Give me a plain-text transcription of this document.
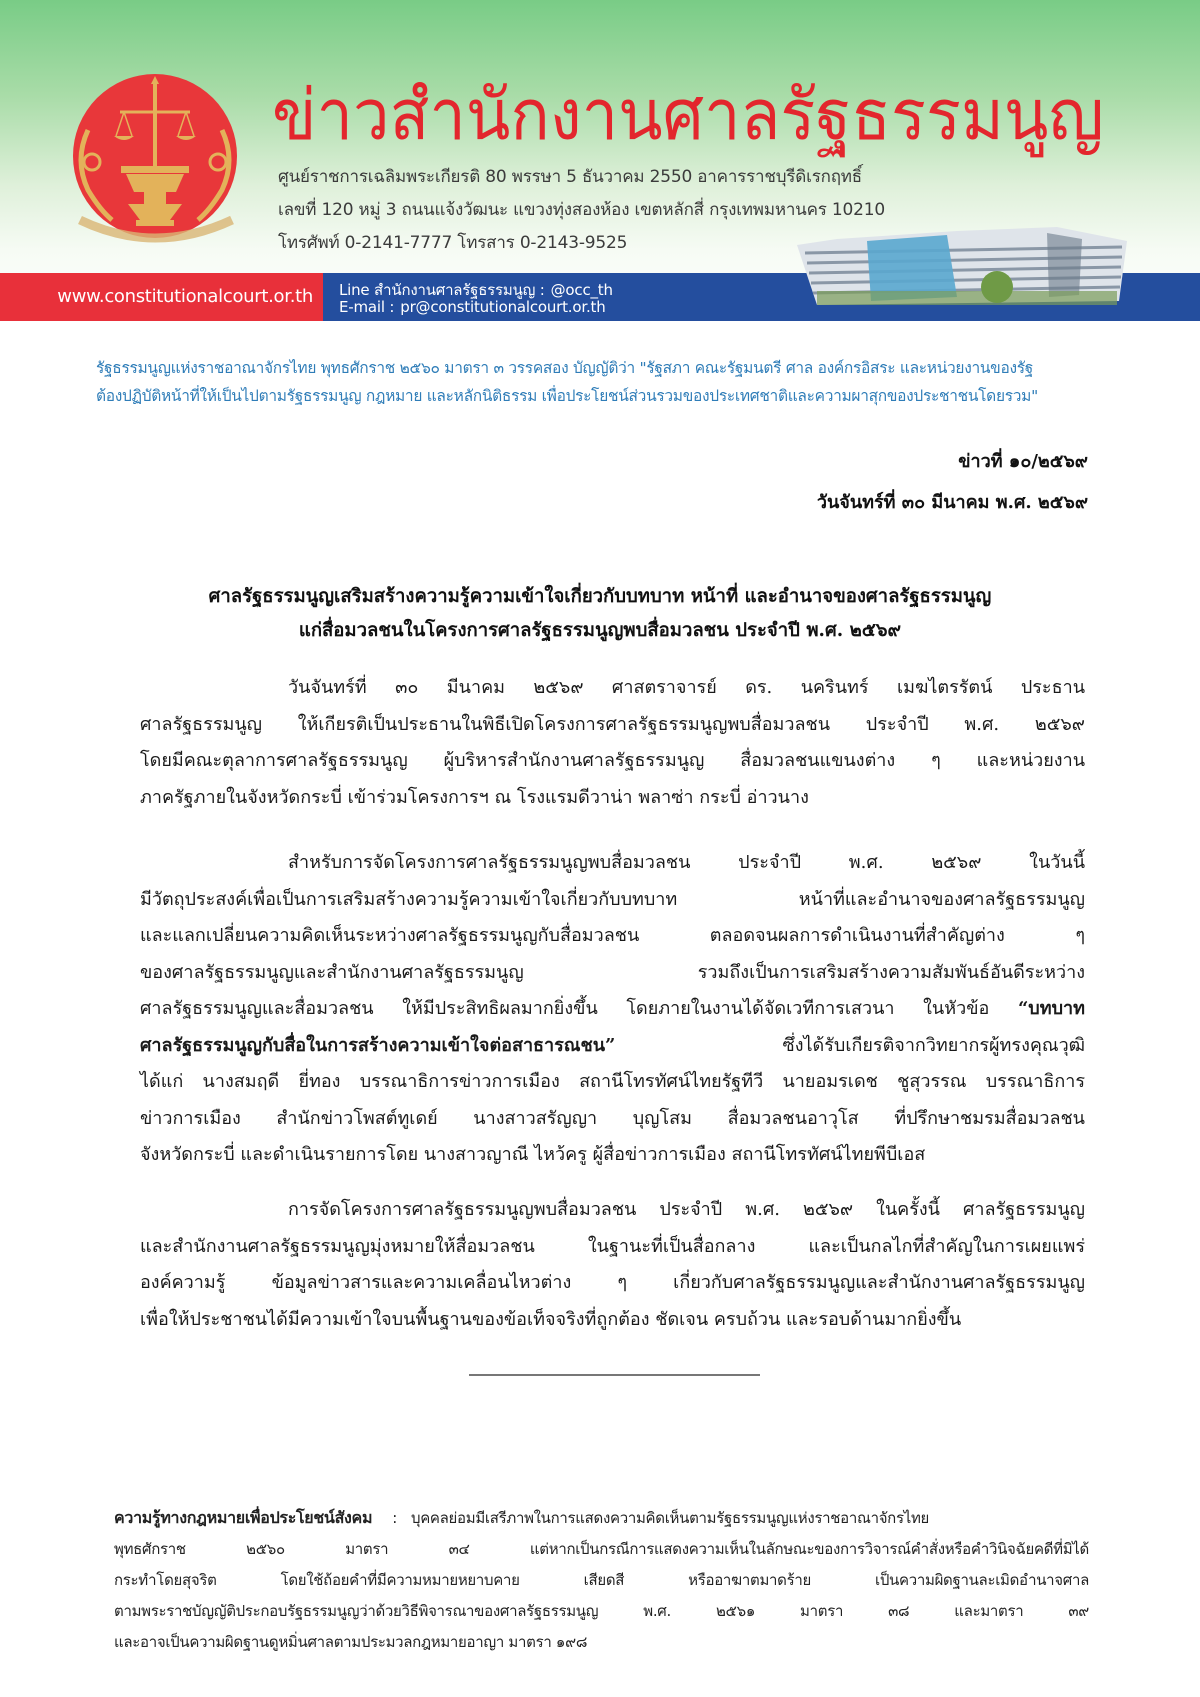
ข่าวสำนักงานศาลรัฐธรรมนูญ
ศูนย์ราชการเฉลิมพระเกียรติ 80 พรรษา 5 ธันวาคม 2550 อาคารราชบุรีดิเรกฤทธิ์
เลขที่ 120 หมู่ 3 ถนนแจ้งวัฒนะ แขวงทุ่งสองห้อง เขตหลักสี่ กรุงเทพมหานคร 10210
โทรศัพท์ 0-2141-7777 โทรสาร 0-2143-9525
www.constitutionalcourt.or.th	Line สำนักงานศาลรัฐธรรมนูญ : @occ_th
E-mail : pr@constitutionalcourt.or.th
รัฐธรรมนูญแห่งราชอาณาจักรไทย พุทธศักราช ๒๕๖๐ มาตรา ๓ วรรคสอง บัญญัติว่า "รัฐสภา คณะรัฐมนตรี ศาล องค์กรอิสระ และหน่วยงานของรัฐ
ต้องปฏิบัติหน้าที่ให้เป็นไปตามรัฐธรรมนูญ กฎหมาย และหลักนิติธรรม เพื่อประโยชน์ส่วนรวมของประเทศชาติและความผาสุกของประชาชนโดยรวม"
ข่าวที่ ๑๐/๒๕๖๙
วันจันทร์ที่ ๓๐ มีนาคม พ.ศ. ๒๕๖๙
ศาลรัฐธรรมนูญเสริมสร้างความรู้ความเข้าใจเกี่ยวกับบทบาท หน้าที่ และอำนาจของศาลรัฐธรรมนูญ
แก่สื่อมวลชนในโครงการศาลรัฐธรรมนูญพบสื่อมวลชน ประจำปี พ.ศ. ๒๕๖๙
วันจันทร์ที่ ๓๐ มีนาคม ๒๕๖๙ ศาสตราจารย์ ดร. นครินทร์ เมฆไตรรัตน์ ประธาน
ศาลรัฐธรรมนูญ ให้เกียรติเป็นประธานในพิธีเปิดโครงการศาลรัฐธรรมนูญพบสื่อมวลชน ประจำปี พ.ศ. ๒๕๖๙
โดยมีคณะตุลาการศาลรัฐธรรมนูญ ผู้บริหารสำนักงานศาลรัฐธรรมนูญ สื่อมวลชนแขนงต่าง ๆ และหน่วยงาน
ภาครัฐภายในจังหวัดกระบี่ เข้าร่วมโครงการฯ ณ โรงแรมดีวาน่า พลาซ่า กระบี่ อ่าวนาง
สำหรับการจัดโครงการศาลรัฐธรรมนูญพบสื่อมวลชน ประจำปี พ.ศ. ๒๕๖๙ ในวันนี้
มีวัตถุประสงค์เพื่อเป็นการเสริมสร้างความรู้ความเข้าใจเกี่ยวกับบทบาท หน้าที่และอำนาจของศาลรัฐธรรมนูญ
และแลกเปลี่ยนความคิดเห็นระหว่างศาลรัฐธรรมนูญกับสื่อมวลชน ตลอดจนผลการดำเนินงานที่สำคัญต่าง ๆ
ของศาลรัฐธรรมนูญและสำนักงานศาลรัฐธรรมนูญ รวมถึงเป็นการเสริมสร้างความสัมพันธ์อันดีระหว่าง
ศาลรัฐธรรมนูญและสื่อมวลชน ให้มีประสิทธิผลมากยิ่งขึ้น โดยภายในงานได้จัดเวทีการเสวนา ในหัวข้อ “บทบาท
ศาลรัฐธรรมนูญกับสื่อในการสร้างความเข้าใจต่อสาธารณชน” ซึ่งได้รับเกียรติจากวิทยากรผู้ทรงคุณวุฒิ
ได้แก่ นางสมฤดี ยี่ทอง บรรณาธิการข่าวการเมือง สถานีโทรทัศน์ไทยรัฐทีวี นายอมรเดช ชูสุวรรณ บรรณาธิการ
ข่าวการเมือง สำนักข่าวโพสต์ทูเดย์ นางสาวสรัญญา บุญโสม สื่อมวลชนอาวุโส ที่ปรึกษาชมรมสื่อมวลชน
จังหวัดกระบี่ และดำเนินรายการโดย นางสาวญาณี ไหว้ครู ผู้สื่อข่าวการเมือง สถานีโทรทัศน์ไทยพีบีเอส
การจัดโครงการศาลรัฐธรรมนูญพบสื่อมวลชน ประจำปี พ.ศ. ๒๕๖๙ ในครั้งนี้ ศาลรัฐธรรมนูญ
และสำนักงานศาลรัฐธรรมนูญมุ่งหมายให้สื่อมวลชน ในฐานะที่เป็นสื่อกลาง และเป็นกลไกที่สำคัญในการเผยแพร่
องค์ความรู้ ข้อมูลข่าวสารและความเคลื่อนไหวต่าง ๆ เกี่ยวกับศาลรัฐธรรมนูญและสำนักงานศาลรัฐธรรมนูญ
เพื่อให้ประชาชนได้มีความเข้าใจบนพื้นฐานของข้อเท็จจริงที่ถูกต้อง ชัดเจน ครบถ้วน และรอบด้านมากยิ่งขึ้น
ความรู้ทางกฎหมายเพื่อประโยชน์สังคม : บุคคลย่อมมีเสรีภาพในการแสดงความคิดเห็นตามรัฐธรรมนูญแห่งราชอาณาจักรไทย
พุทธศักราช ๒๕๖๐ มาตรา ๓๔ แต่หากเป็นกรณีการแสดงความเห็นในลักษณะของการวิจารณ์คำสั่งหรือคำวินิจฉัยคดีที่มิได้
กระทำโดยสุจริต โดยใช้ถ้อยคำที่มีความหมายหยาบคาย เสียดสี หรืออาฆาตมาดร้าย เป็นความผิดฐานละเมิดอำนาจศาล
ตามพระราชบัญญัติประกอบรัฐธรรมนูญว่าด้วยวิธีพิจารณาของศาลรัฐธรรมนูญ พ.ศ. ๒๕๖๑ มาตรา ๓๘ และมาตรา ๓๙
และอาจเป็นความผิดฐานดูหมิ่นศาลตามประมวลกฎหมายอาญา มาตรา ๑๙๘
